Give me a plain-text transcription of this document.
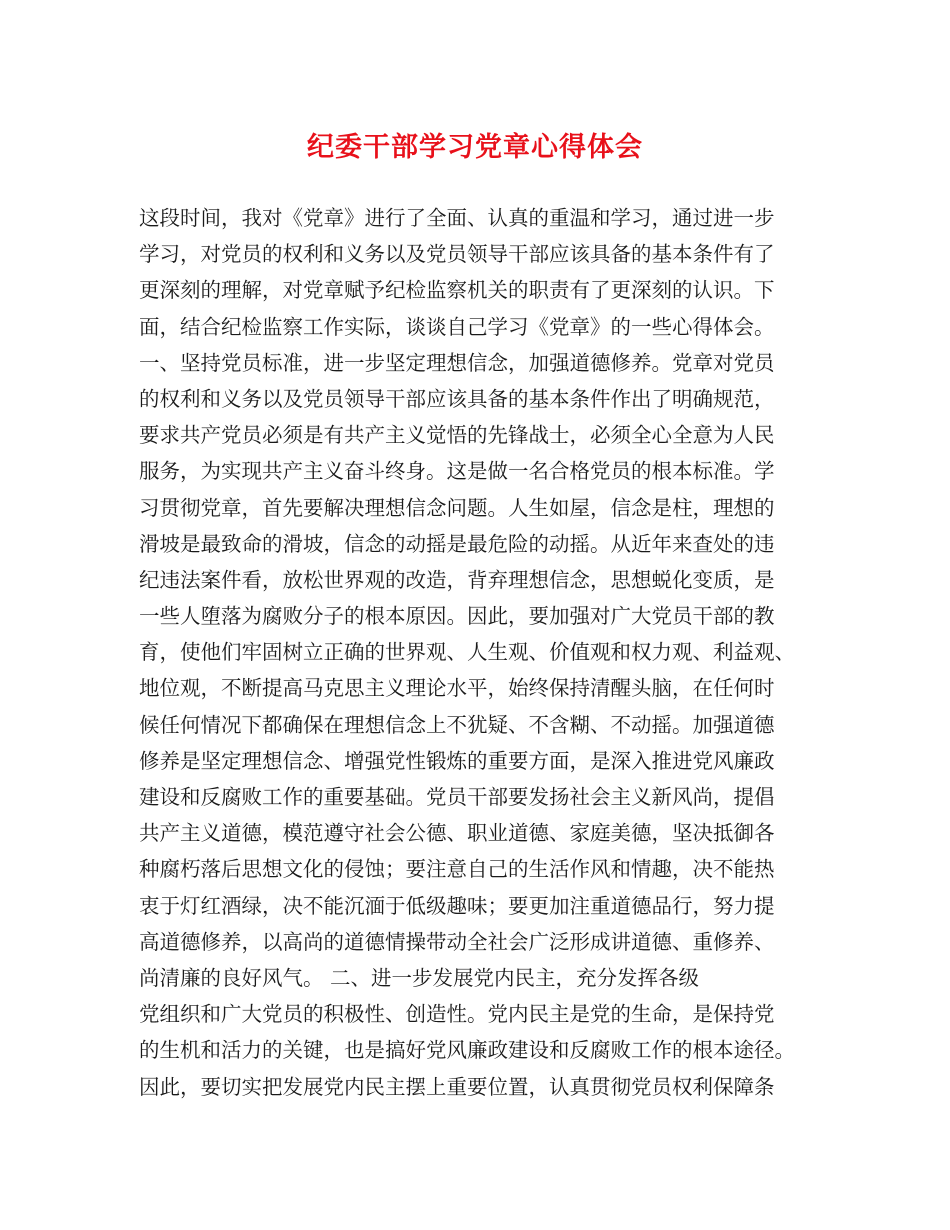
纪委干部学习党章心得体会
这段时间，我对《党章》进行了全面、认真的重温和学习，通过进一步
学习，对党员的权利和义务以及党员领导干部应该具备的基本条件有了
更深刻的理解，对党章赋予纪检监察机关的职责有了更深刻的认识。下
面，结合纪检监察工作实际，谈谈自己学习《党章》的一些心得体会。
一、坚持党员标准，进一步坚定理想信念，加强道德修养。党章对党员
的权利和义务以及党员领导干部应该具备的基本条件作出了明确规范，
要求共产党员必须是有共产主义觉悟的先锋战士，必须全心全意为人民
服务，为实现共产主义奋斗终身。这是做一名合格党员的根本标准。学
习贯彻党章，首先要解决理想信念问题。人生如屋，信念是柱，理想的
滑坡是最致命的滑坡，信念的动摇是最危险的动摇。从近年来查处的违
纪违法案件看，放松世界观的改造，背弃理想信念，思想蜕化变质，是
一些人堕落为腐败分子的根本原因。因此，要加强对广大党员干部的教
育，使他们牢固树立正确的世界观、人生观、价值观和权力观、利益观、
地位观，不断提高马克思主义理论水平，始终保持清醒头脑，在任何时
候任何情况下都确保在理想信念上不犹疑、不含糊、不动摇。加强道德
修养是坚定理想信念、增强党性锻炼的重要方面，是深入推进党风廉政
建设和反腐败工作的重要基础。党员干部要发扬社会主义新风尚，提倡
共产主义道德，模范遵守社会公德、职业道德、家庭美德，坚决抵御各
种腐朽落后思想文化的侵蚀；要注意自己的生活作风和情趣，决不能热
衷于灯红酒绿，决不能沉湎于低级趣味；要更加注重道德品行，努力提
高道德修养，以高尚的道德情操带动全社会广泛形成讲道德、重修养、
尚清廉的良好风气。 二、进一步发展党内民主，充分发挥各级
党组织和广大党员的积极性、创造性。党内民主是党的生命，是保持党
的生机和活力的关键，也是搞好党风廉政建设和反腐败工作的根本途径。
因此，要切实把发展党内民主摆上重要位置，认真贯彻党员权利保障条
